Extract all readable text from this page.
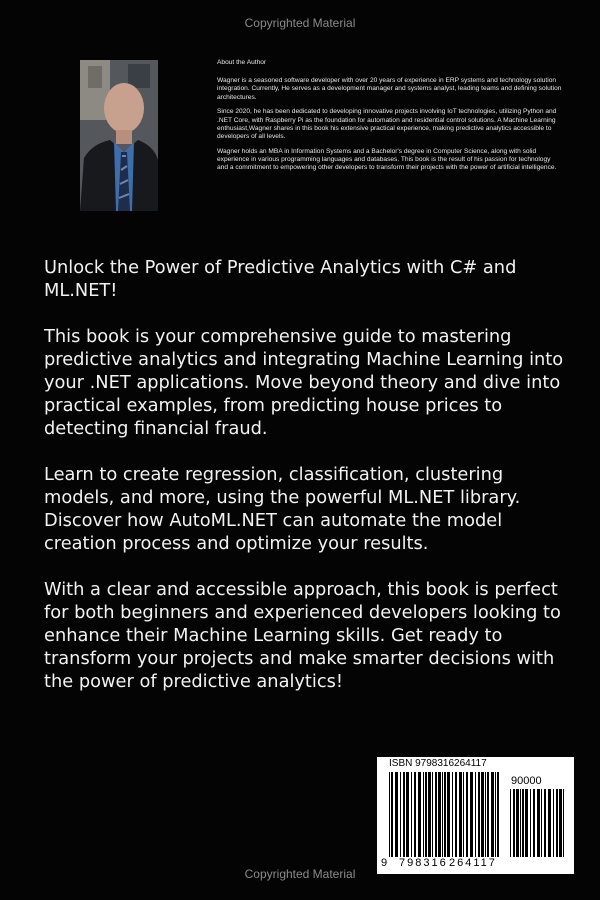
Copyrighted Material

About the Author

Wagner is a seasoned software developer with over 20 years of experience in ERP systems and technology solution integration. Currently, He serves as a development manager and systems analyst, leading teams and defining solution architectures.

Since 2020, he has been dedicated to developing innovative projects involving IoT technologies, utilizing Python and .NET Core, with Raspberry Pi as the foundation for automation and residential control solutions. A Machine Learning enthusiast,Wagner shares in this book his extensive practical experience, making predictive analytics accessible to developers of all levels.

Wagner holds an MBA in Information Systems and a Bachelor's degree in Computer Science, along with solid experience in various programming languages and databases. This book is the result of his passion for technology and a commitment to empowering other developers to transform their projects with the power of artificial intelligence.

Unlock the Power of Predictive Analytics with C# and ML.NET!

This book is your comprehensive guide to mastering predictive analytics and integrating Machine Learning into your .NET applications. Move beyond theory and dive into practical examples, from predicting house prices to detecting financial fraud.

Learn to create regression, classification, clustering models, and more, using the powerful ML.NET library. Discover how AutoML.NET can automate the model creation process and optimize your results.

With a clear and accessible approach, this book is perfect for both beginners and experienced developers looking to enhance their Machine Learning skills. Get ready to transform your projects and make smarter decisions with the power of predictive analytics!

ISBN 9798316264117
90000
9 798316 264117
Copyrighted Material
